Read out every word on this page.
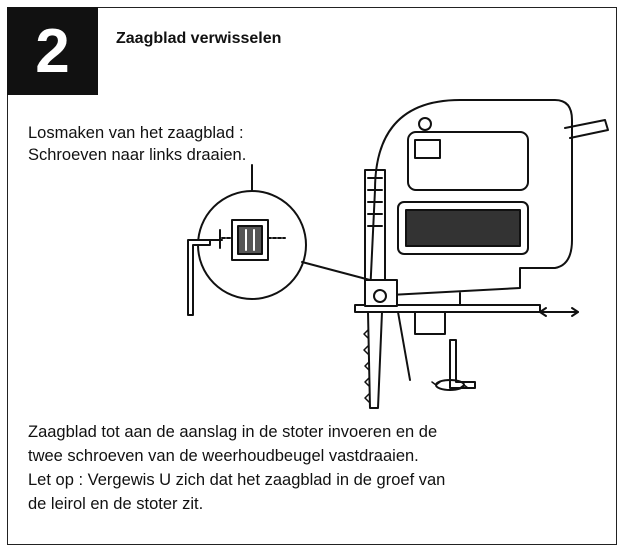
2	Zaagblad verwisselen
Losmaken van het zaagblad :
Schroeven naar links draaien.

Zaagblad tot aan de aanslag in de stoter invoeren en de

twee schroeven van de weerhoudbeugel vastdraaien.

Let op : Vergewis U zich dat het zaagblad in de groef van

de leirol en de stoter zit.
